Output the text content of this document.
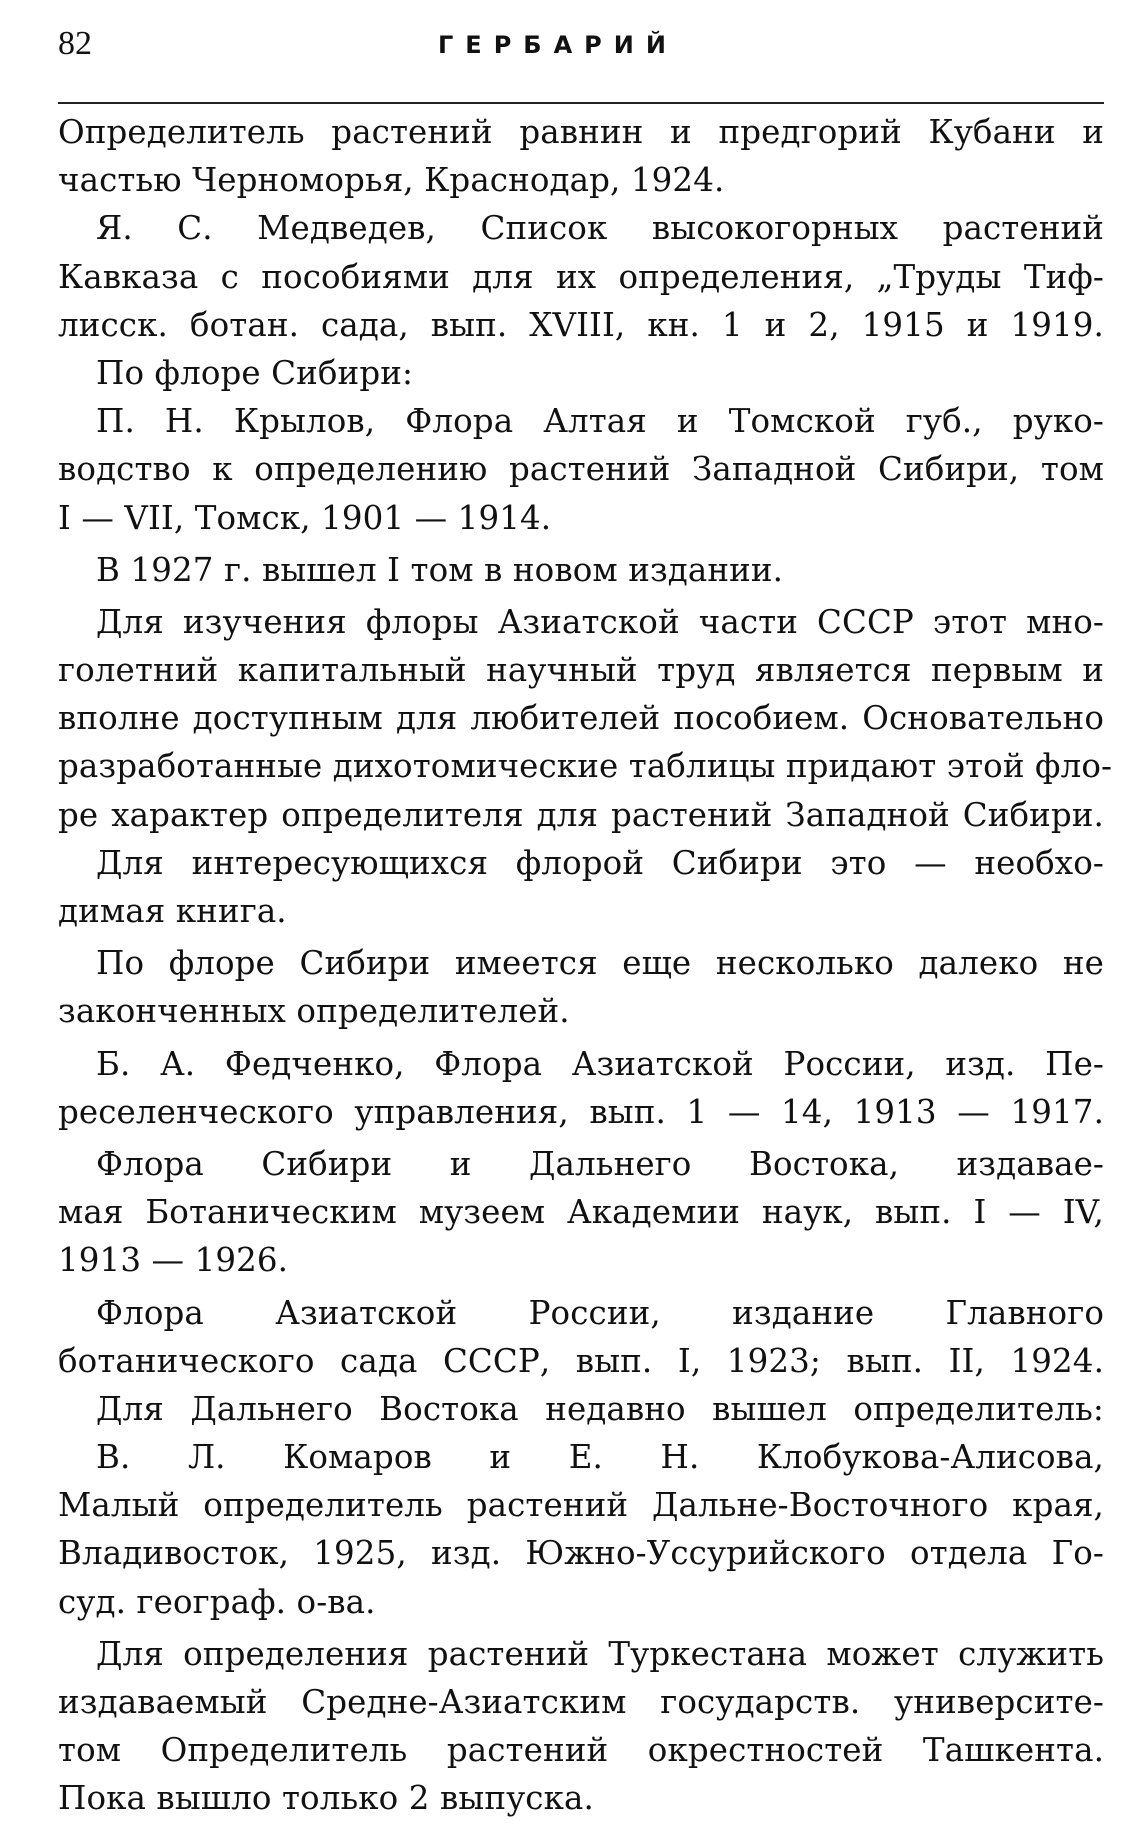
82	ГЕРБАРИЙ
Определитель растений равнин и предгорий Кубани и
частью Черноморья, Краснодар, 1924.
Я. С. Медведев, Список высокогорных растений
Кавказа с пособиями для их определения, „Труды Тиф-
лисск. ботан. сада, вып. XVIII, кн. 1 и 2, 1915 и 1919.
По флоре Сибири:
П. Н. Крылов, Флора Алтая и Томской губ., руко-
водство к определению растений Западной Сибири, том
I — VII, Томск, 1901 — 1914.
В 1927 г. вышел I том в новом издании.
Для изучения флоры Азиатской части СССР этот мно-
голетний капитальный научный труд является первым и
вполне доступным для любителей пособием. Основательно
разработанные дихотомические таблицы придают этой фло-
ре характер определителя для растений Западной Сибири.
Для интересующихся флорой Сибири это — необхо-
димая книга.
По флоре Сибири имеется еще несколько далеко не
законченных определителей.
Б. А. Федченко, Флора Азиатской России, изд. Пе-
реселенческого управления, вып. 1 — 14, 1913 — 1917.
Флора Сибири и Дальнего Востока, издавае-
мая Ботаническим музеем Академии наук, вып. I — IV,
1913 — 1926.
Флора Азиатской России, издание Главного
ботанического сада СССР, вып. I, 1923; вып. II, 1924.
Для Дальнего Востока недавно вышел определитель:
В. Л. Комаров и Е. Н. Клобукова-Алисова,
Малый определитель растений Дальне-Восточного края,
Владивосток, 1925, изд. Южно-Уссурийского отдела Го-
суд. географ. о-ва.
Для определения растений Туркестана может служить
издаваемый Средне-Азиатским государств. университе-
том Определитель растений окрестностей Ташкента.
Пока вышло только 2 выпуска.
